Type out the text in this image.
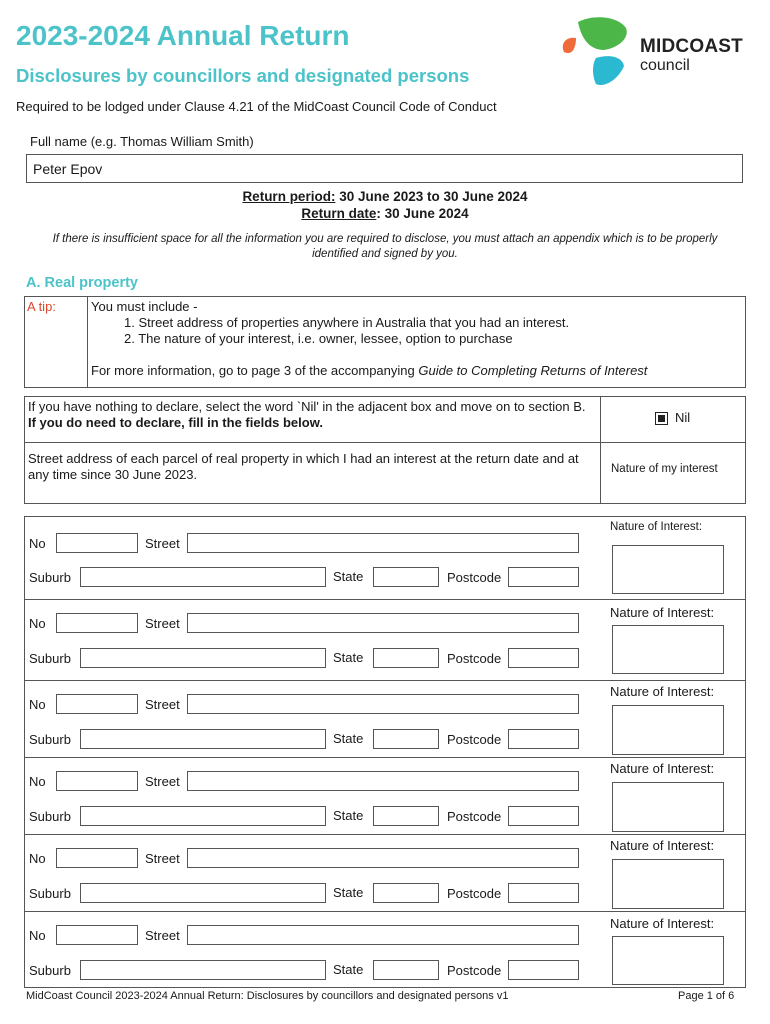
2023-2024 Annual Return
Disclosures by councillors and designated persons
Required to be lodged under Clause 4.21 of the MidCoast Council Code of Conduct
MIDCOAST
council
Full name (e.g. Thomas William Smith)
Peter Epov
Return period: 30 June 2023 to 30 June 2024
Return date: 30 June 2024
If there is insufficient space for all the information you are required to disclose, you must attach an appendix which is to be properly identified and signed by you.
A. Real property
A tip:	You must include -
1. Street address of properties anywhere in Australia that you had an interest.
2. The nature of your interest, i.e. owner, lessee, option to purchase
For more information, go to page 3 of the accompanying Guide to Completing Returns of Interest
If you have nothing to declare, select the word `Nil' in the adjacent box and move on to section B. If you do need to declare, fill in the fields below.	Nil
Street address of each parcel of real property in which I had an interest at the return date and at any time since 30 June 2023.	Nature of my interest
No	Street
Suburb	State	Postcode
Nature of Interest:
No	Street
Suburb	State	Postcode
Nature of Interest:
No	Street
Suburb	State	Postcode
Nature of Interest:
No	Street
Suburb	State	Postcode
Nature of Interest:
No	Street
Suburb	State	Postcode
Nature of Interest:
No	Street
Suburb	State	Postcode
Nature of Interest:
MidCoast Council 2023-2024 Annual Return: Disclosures by councillors and designated persons v1	Page 1 of 6
